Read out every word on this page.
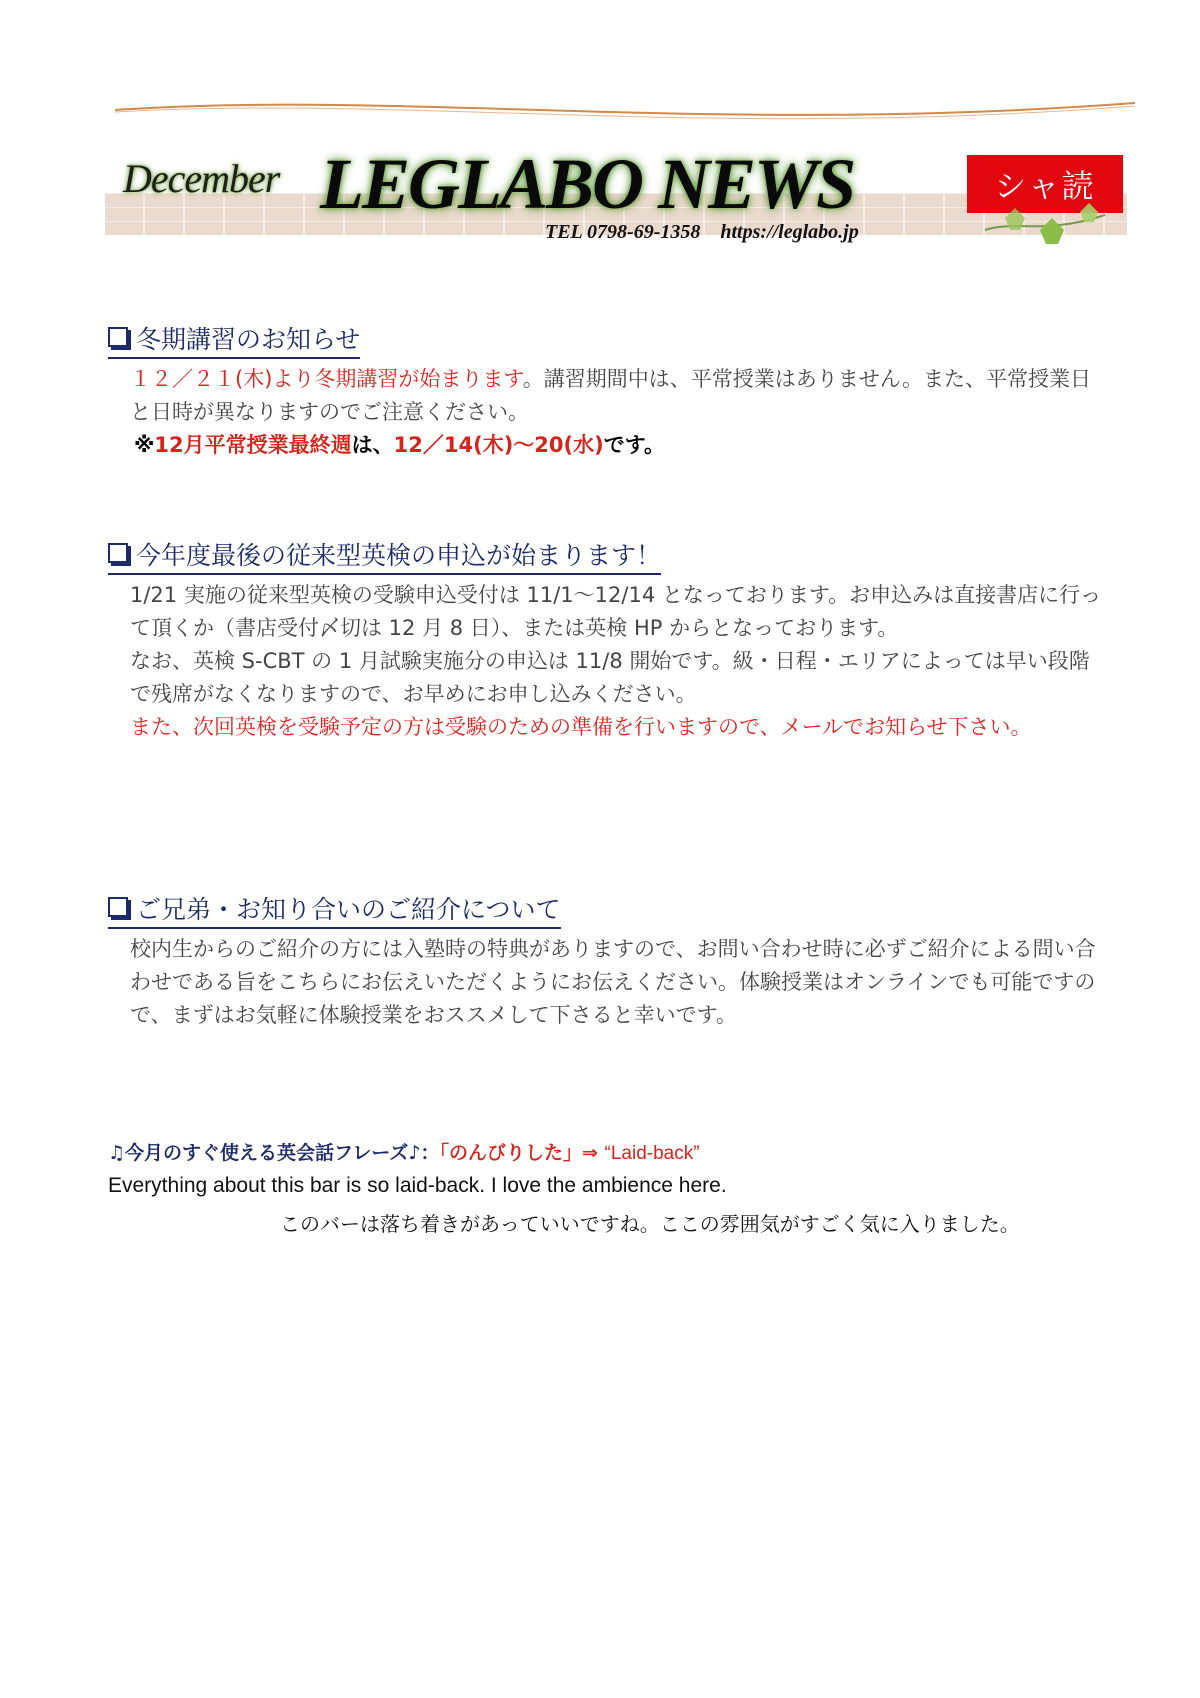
December LEGLABO NEWS	シャ読
TEL 0798-69-1358 https://leglabo.jp
冬期講習のお知らせ
１２／２１(木)より冬期講習が始まります。講習期間中は、平常授業はありません。また、平常授業日と日時が異なりますのでご注意ください。
※12月平常授業最終週は、12／14(木)～20(水)です。
今年度最後の従来型英検の申込が始まります！
1/21 実施の従来型英検の受験申込受付は 11/1～12/14 となっております。お申込みは直接書店に行って頂くか（書店受付〆切は 12 月 8 日）、または英検 HP からとなっております。
なお、英検 S-CBT の 1 月試験実施分の申込は 11/8 開始です。級・日程・エリアによっては早い段階で残席がなくなりますので、お早めにお申し込みください。
また、次回英検を受験予定の方は受験のための準備を行いますので、メールでお知らせ下さい。
ご兄弟・お知り合いのご紹介について
校内生からのご紹介の方には入塾時の特典がありますので、お問い合わせ時に必ずご紹介による問い合わせである旨をこちらにお伝えいただくようにお伝えください。体験授業はオンラインでも可能ですので、まずはお気軽に体験授業をおススメして下さると幸いです。
♫今月のすぐ使える英会話フレーズ♪：「のんびりした」⇒ “Laid-back”
Everything about this bar is so laid-back. I love the ambience here.
このバーは落ち着きがあっていいですね。ここの雰囲気がすごく気に入りました。
